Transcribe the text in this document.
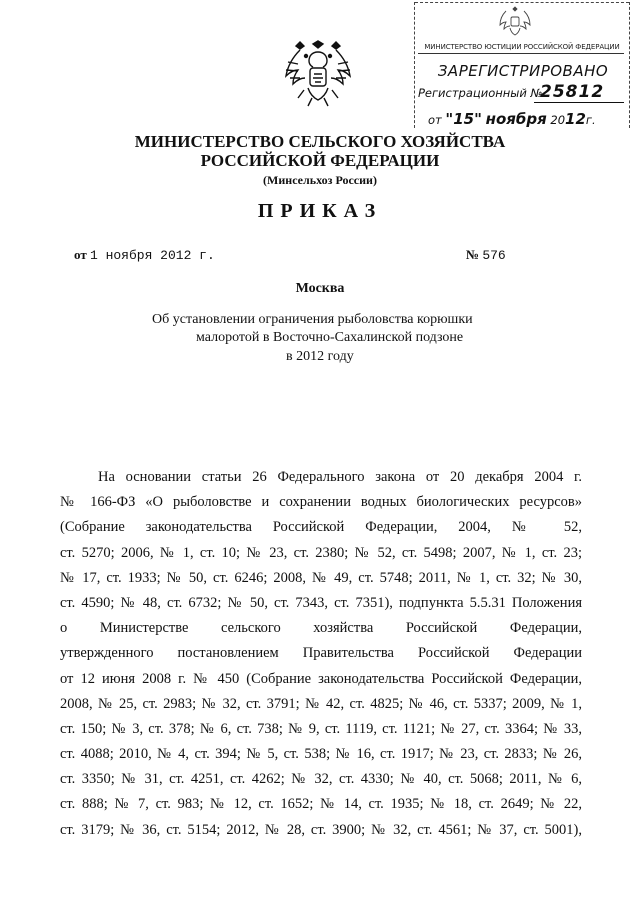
МИНИСТЕРСТВО ЮСТИЦИИ РОССИЙСКОЙ ФЕДЕРАЦИИ
ЗАРЕГИСТРИРОВАНО
Регистрационный №
25812
от "15" ноября 2012г.
МИНИСТЕРСТВО СЕЛЬСКОГО ХОЗЯЙСТВА
РОССИЙСКОЙ ФЕДЕРАЦИИ
(Минсельхоз России)
ПРИКАЗ
от 1 ноября 2012 г.	№ 576
Москва
Об установлении ограничения рыболовства корюшки
малоротой в Восточно-Сахалинской подзоне
в 2012 году
На основании статьи 26 Федерального закона от 20 декабря 2004 г.
№ 166-ФЗ «О рыболовстве и сохранении водных биологических ресурсов»
(Собрание законодательства Российской Федерации, 2004, № 52,
ст. 5270; 2006, № 1, ст. 10; № 23, ст. 2380; № 52, ст. 5498; 2007, № 1, ст. 23;
№ 17, ст. 1933; № 50, ст. 6246; 2008, № 49, ст. 5748; 2011, № 1, ст. 32; № 30,
ст. 4590; № 48, ст. 6732; № 50, ст. 7343, ст. 7351), подпункта 5.5.31 Положения
о Министерстве сельского хозяйства Российской Федерации,
утвержденного постановлением Правительства Российской Федерации
от 12 июня 2008 г. № 450 (Собрание законодательства Российской Федерации,
2008, № 25, ст. 2983; № 32, ст. 3791; № 42, ст. 4825; № 46, ст. 5337; 2009, № 1,
ст. 150; № 3, ст. 378; № 6, ст. 738; № 9, ст. 1119, ст. 1121; № 27, ст. 3364; № 33,
ст. 4088; 2010, № 4, ст. 394; № 5, ст. 538; № 16, ст. 1917; № 23, ст. 2833; № 26,
ст. 3350; № 31, ст. 4251, ст. 4262; № 32, ст. 4330; № 40, ст. 5068; 2011, № 6,
ст. 888; № 7, ст. 983; № 12, ст. 1652; № 14, ст. 1935; № 18, ст. 2649; № 22,
ст. 3179; № 36, ст. 5154; 2012, № 28, ст. 3900; № 32, ст. 4561; № 37, ст. 5001),
